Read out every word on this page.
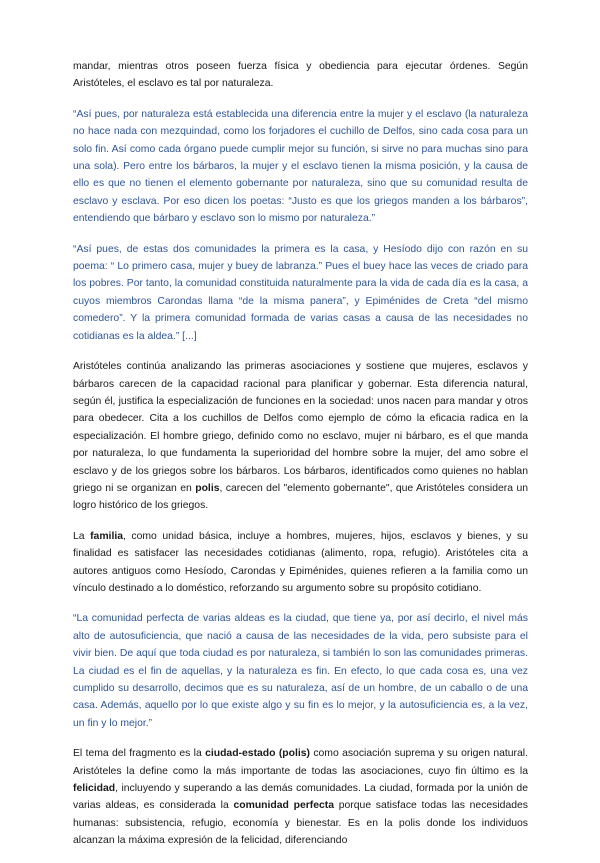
mandar, mientras otros poseen fuerza física y obediencia para ejecutar órdenes. Según Aristóteles, el esclavo es tal por naturaleza.

“Así pues, por naturaleza está establecida una diferencia entre la mujer y el esclavo (la naturaleza no hace nada con mezquindad, como los forjadores el cuchillo de Delfos, sino cada cosa para un solo fin. Así como cada órgano puede cumplir mejor su función, si sirve no para muchas sino para una sola). Pero entre los bárbaros, la mujer y el esclavo tienen la misma posición, y la causa de ello es que no tienen el elemento gobernante por naturaleza, sino que su comunidad resulta de esclavo y esclava. Por eso dicen los poetas: “Justo es que los griegos manden a los bárbaros”, entendiendo que bárbaro y esclavo son lo mismo por naturaleza.”

“Así pues, de estas dos comunidades la primera es la casa, y Hesíodo dijo con razón en su poema: “ Lo primero casa, mujer y buey de labranza.” Pues el buey hace las veces de criado para los pobres. Por tanto, la comunidad constituida naturalmente para la vida de cada día es la casa, a cuyos miembros Carondas llama “de la misma panera”, y Epiménides de Creta “del mismo comedero”. Y la primera comunidad formada de varias casas a causa de las necesidades no cotidianas es la aldea.” [...]

Aristóteles continúa analizando las primeras asociaciones y sostiene que mujeres, esclavos y bárbaros carecen de la capacidad racional para planificar y gobernar. Esta diferencia natural, según él, justifica la especialización de funciones en la sociedad: unos nacen para mandar y otros para obedecer. Cita a los cuchillos de Delfos como ejemplo de cómo la eficacia radica en la especialización. El hombre griego, definido como no esclavo, mujer ni bárbaro, es el que manda por naturaleza, lo que fundamenta la superioridad del hombre sobre la mujer, del amo sobre el esclavo y de los griegos sobre los bárbaros. Los bárbaros, identificados como quienes no hablan griego ni se organizan en polis, carecen del "elemento gobernante", que Aristóteles considera un logro histórico de los griegos.

La familia, como unidad básica, incluye a hombres, mujeres, hijos, esclavos y bienes, y su finalidad es satisfacer las necesidades cotidianas (alimento, ropa, refugio). Aristóteles cita a autores antiguos como Hesíodo, Carondas y Epiménides, quienes refieren a la familia como un vínculo destinado a lo doméstico, reforzando su argumento sobre su propósito cotidiano.

“La comunidad perfecta de varias aldeas es la ciudad, que tiene ya, por así decirlo, el nivel más alto de autosuficiencia, que nació a causa de las necesidades de la vida, pero subsiste para el vivir bien. De aquí que toda ciudad es por naturaleza, si también lo son las comunidades primeras. La ciudad es el fin de aquellas, y la naturaleza es fin. En efecto, lo que cada cosa es, una vez cumplido su desarrollo, decimos que es su naturaleza, así de un hombre, de un caballo o de una casa. Además, aquello por lo que existe algo y su fin es lo mejor, y la autosuficiencia es, a la vez, un fin y lo mejor.”

El tema del fragmento es la ciudad-estado (polis) como asociación suprema y su origen natural. Aristóteles la define como la más importante de todas las asociaciones, cuyo fin último es la felicidad, incluyendo y superando a las demás comunidades. La ciudad, formada por la unión de varias aldeas, es considerada la comunidad perfecta porque satisface todas las necesidades humanas: subsistencia, refugio, economía y bienestar. Es en la polis donde los individuos alcanzan la máxima expresión de la felicidad, diferenciando
